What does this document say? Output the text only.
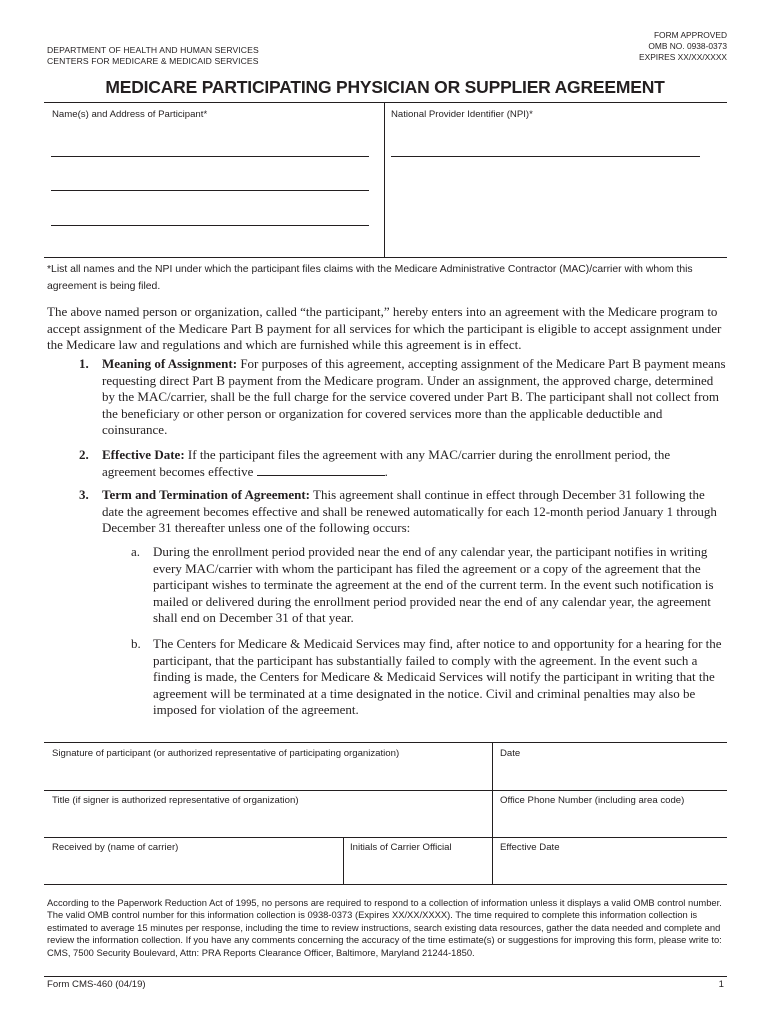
DEPARTMENT OF HEALTH AND HUMAN SERVICES
CENTERS FOR MEDICARE & MEDICAID SERVICES
FORM APPROVED
OMB NO. 0938-0373
EXPIRES XX/XX/XXXX
MEDICARE PARTICIPATING PHYSICIAN OR SUPPLIER AGREEMENT
Name(s) and Address of Participant*	National Provider Identifier (NPI)*
*List all names and the NPI under which the participant files claims with the Medicare Administrative Contractor (MAC)/carrier with whom this agreement is being filed.
The above named person or organization, called “the participant,” hereby enters into an agreement with the Medicare program to accept assignment of the Medicare Part B payment for all services for which the participant is eligible to accept assignment under the Medicare law and regulations and which are furnished while this agreement is in effect.
1. Meaning of Assignment: For purposes of this agreement, accepting assignment of the Medicare Part B payment means requesting direct Part B payment from the Medicare program. Under an assignment, the approved charge, determined by the MAC/carrier, shall be the full charge for the service covered under Part B. The participant shall not collect from the beneficiary or other person or organization for covered services more than the applicable deductible and coinsurance.
2. Effective Date: If the participant files the agreement with any MAC/carrier during the enrollment period, the agreement becomes effective	.
3. Term and Termination of Agreement: This agreement shall continue in effect through December 31 following the date the agreement becomes effective and shall be renewed automatically for each 12-month period January 1 through December 31 thereafter unless one of the following occurs:
a. During the enrollment period provided near the end of any calendar year, the participant notifies in writing every MAC/carrier with whom the participant has filed the agreement or a copy of the agreement that the participant wishes to terminate the agreement at the end of the current term. In the event such notification is mailed or delivered during the enrollment period provided near the end of any calendar year, the agreement shall end on December 31 of that year.
b. The Centers for Medicare & Medicaid Services may find, after notice to and opportunity for a hearing for the participant, that the participant has substantially failed to comply with the agreement. In the event such a finding is made, the Centers for Medicare & Medicaid Services will notify the participant in writing that the agreement will be terminated at a time designated in the notice. Civil and criminal penalties may also be imposed for violation of the agreement.
Signature of participant (or authorized representative of participating organization)	Date
Title (if signer is authorized representative of organization)	Office Phone Number (including area code)
Received by (name of carrier)	Initials of Carrier Official	Effective Date
According to the Paperwork Reduction Act of 1995, no persons are required to respond to a collection of information unless it displays a valid OMB control number. The valid OMB control number for this information collection is 0938-0373 (Expires XX/XX/XXXX). The time required to complete this information collection is estimated to average 15 minutes per response, including the time to review instructions, search existing data resources, gather the data needed and complete and review the information collection. If you have any comments concerning the accuracy of the time estimate(s) or suggestions for improving this form, please write to: CMS, 7500 Security Boulevard, Attn: PRA Reports Clearance Officer, Baltimore, Maryland 21244-1850.
Form CMS-460 (04/19)	1
